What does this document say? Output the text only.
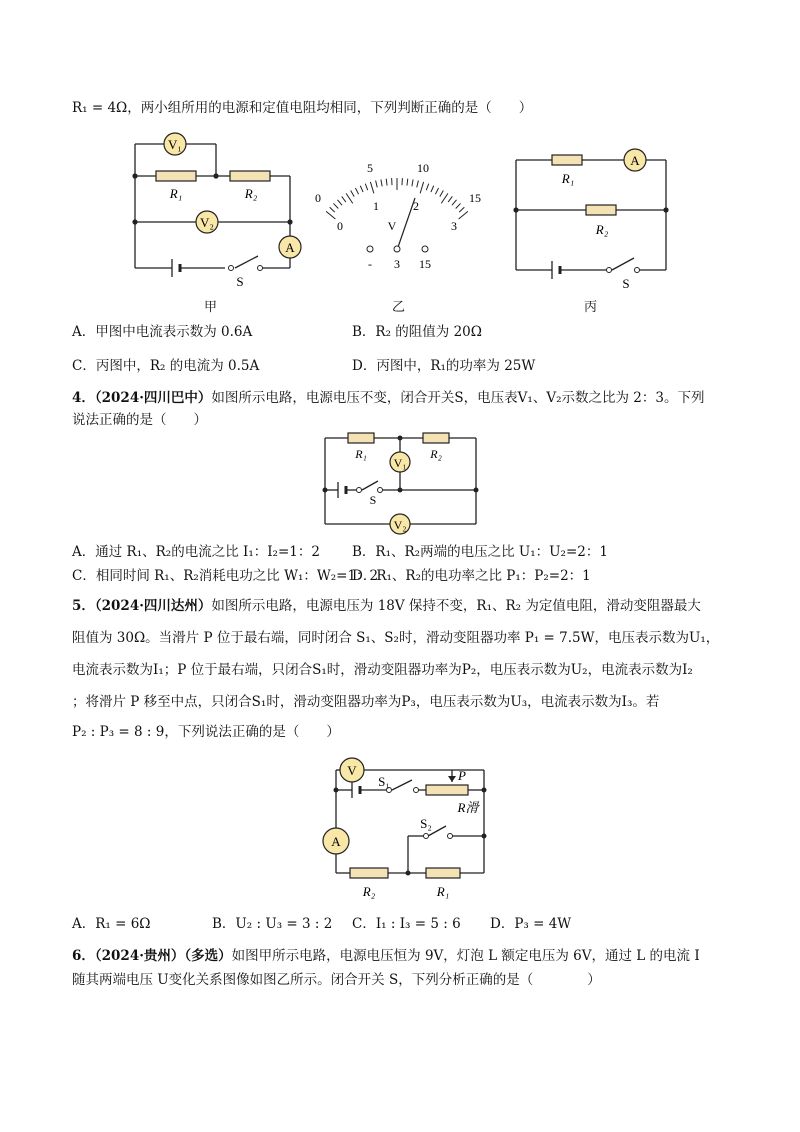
R₁ = 4Ω，两小组所用的电源和定值电阻均相同，下列判断正确的是（　　）
V₁
R₁	R₂
V₂
A
S
甲
5	10
0	15
0
1	2
3
V
- 3 15
乙
R₁
A
R₂
S
丙
A．甲图中电流表示数为 0.6A	B．R₂ 的阻值为 20Ω
C．丙图中，R₂ 的电流为 0.5A	D．丙图中，R₁的功率为 25W
4．（2024·四川巴中）如图所示电路，电源电压不变，闭合开关S，电压表V₁、V₂示数之比为 2：3。下列
说法正确的是（　　）
R₁	R₂
V₁
S
V₂
A．通过 R₁、R₂的电流之比 I₁：I₂=1：2 B．R₁、R₂两端的电压之比 U₁：U₂=2：1
C．相同时间 R₁、R₂消耗电功之比 W₁：W₂=1：2
D．R₁、R₂的电功率之比 P₁：P₂=2：1
5．（2024·四川达州）如图所示电路，电源电压为 18V 保持不变，R₁、R₂ 为定值电阻，滑动变阻器最大
阻值为 30Ω。当滑片 P 位于最右端，同时闭合 S₁、S₂时，滑动变阻器功率 P₁ = 7.5W，电压表示数为U₁，
电流表示数为I₁；P 位于最右端，只闭合S₁时，滑动变阻器功率为P₂，电压表示数为U₂，电流表示数为I₂
；将滑片 P 移至中点，只闭合S₁时，滑动变阻器功率为P₃，电压表示数为U₃，电流表示数为I₃。若
P₂ : P₃ = 8 : 9，下列说法正确的是（　　）
V
S₁	P
R滑
A
S₂
R₂	R₁
A．R₁ = 6Ω	B．U₂ : U₃ = 3 : 2 C．I₁ : I₃ = 5 : 6 D．P₃ = 4W
6．（2024·贵州）（多选）如图甲所示电路，电源电压恒为 9V，灯泡 L 额定电压为 6V，通过 L 的电流 I
随其两端电压 U变化关系图像如图乙所示。闭合开关 S，下列分析正确的是（　　　　）
